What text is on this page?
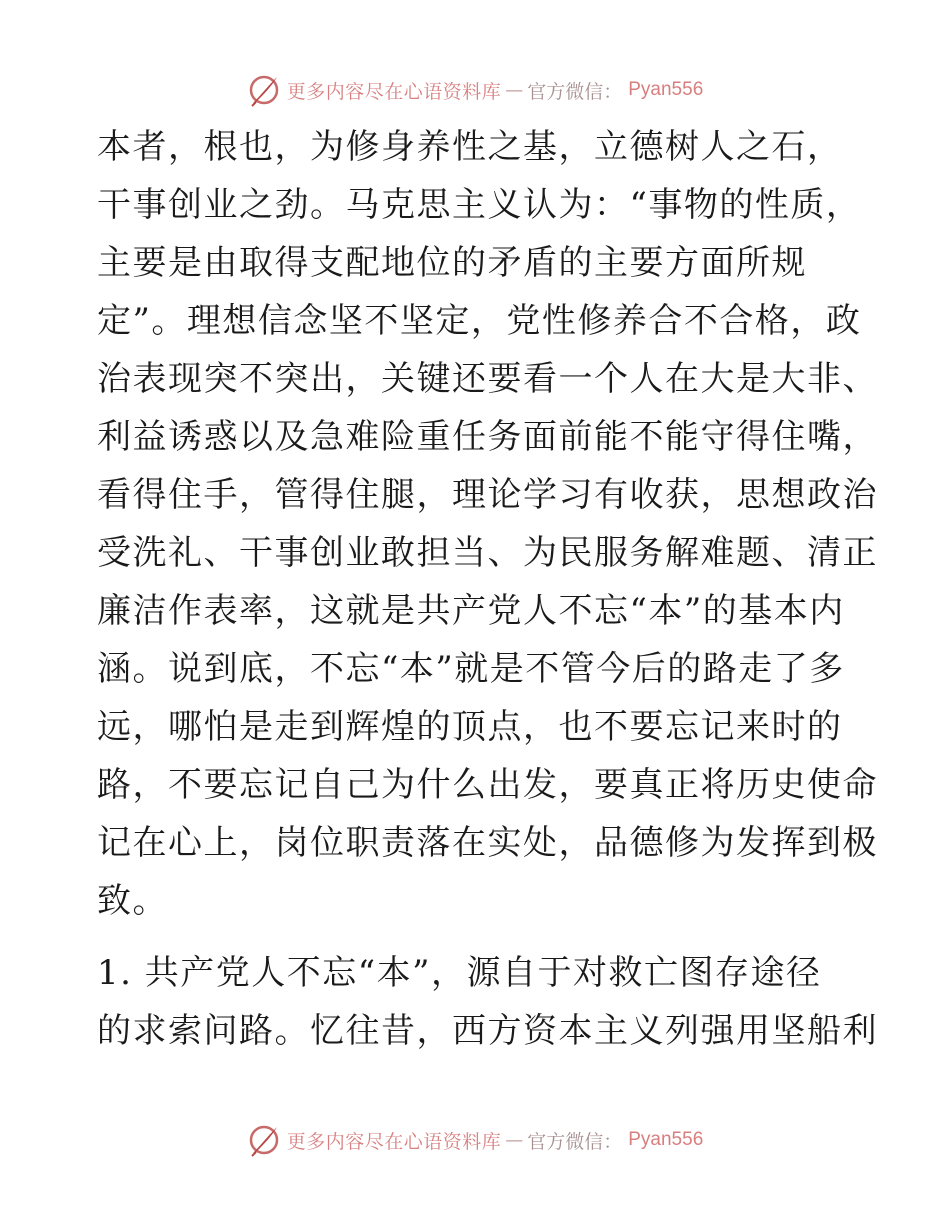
更多内容尽在心语资料库 — 官方微信： Pyan556

本者，根也，为修身养性之基，立德树人之石，
干事创业之劲。马克思主义认为：“事物的性质，
主要是由取得支配地位的矛盾的主要方面所规
定”。理想信念坚不坚定，党性修养合不合格，政
治表现突不突出，关键还要看一个人在大是大非、
利益诱惑以及急难险重任务面前能不能守得住嘴，
看得住手，管得住腿，理论学习有收获，思想政治
受洗礼、干事创业敢担当、为民服务解难题、清正
廉洁作表率，这就是共产党人不忘“本”的基本内
涵。说到底，不忘“本”就是不管今后的路走了多
远，哪怕是走到辉煌的顶点，也不要忘记来时的
路，不要忘记自己为什么出发，要真正将历史使命
记在心上，岗位职责落在实处，品德修为发挥到极
致。

1. 共产党人不忘“本”，源自于对救亡图存途径
的求索问路。忆往昔，西方资本主义列强用坚船利

更多内容尽在心语资料库 — 官方微信： Pyan556
